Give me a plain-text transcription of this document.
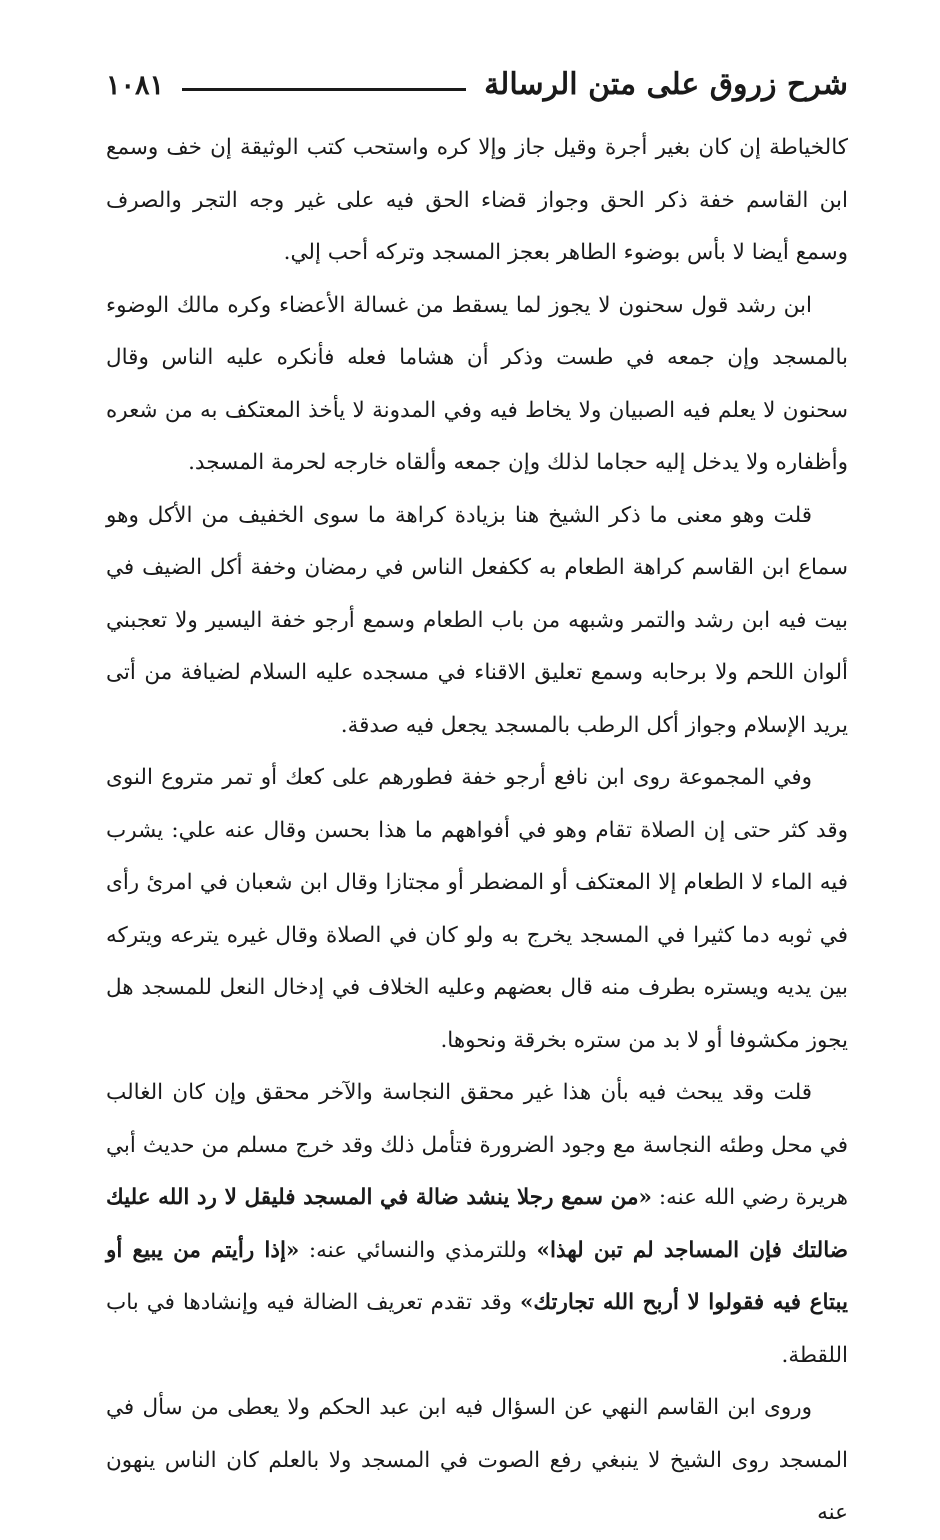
شرح زروق على متن الرسالة
١٠٨١

كالخياطة إن كان بغير أجرة وقيل جاز وإلا كره واستحب كتب الوثيقة إن خف وسمع ابن القاسم خفة ذكر الحق وجواز قضاء الحق فيه على غير وجه التجر والصرف وسمع أيضا لا بأس بوضوء الطاهر بعجز المسجد وتركه أحب إلي.

ابن رشد قول سحنون لا يجوز لما يسقط من غسالة الأعضاء وكره مالك الوضوء بالمسجد وإن جمعه في طست وذكر أن هشاما فعله فأنكره عليه الناس وقال سحنون لا يعلم فيه الصبيان ولا يخاط فيه وفي المدونة لا يأخذ المعتكف به من شعره وأظفاره ولا يدخل إليه حجاما لذلك وإن جمعه وألقاه خارجه لحرمة المسجد.

قلت وهو معنى ما ذكر الشيخ هنا بزيادة كراهة ما سوى الخفيف من الأكل وهو سماع ابن القاسم كراهة الطعام به ككفعل الناس في رمضان وخفة أكل الضيف في بيت فيه ابن رشد والتمر وشبهه من باب الطعام وسمع أرجو خفة اليسير ولا تعجبني ألوان اللحم ولا برحابه وسمع تعليق الاقناء في مسجده عليه السلام لضيافة من أتى يريد الإسلام وجواز أكل الرطب بالمسجد يجعل فيه صدقة.

وفي المجموعة روى ابن نافع أرجو خفة فطورهم على كعك أو تمر متروع النوى وقد كثر حتى إن الصلاة تقام وهو في أفواههم ما هذا بحسن وقال عنه علي: يشرب فيه الماء لا الطعام إلا المعتكف أو المضطر أو مجتازا وقال ابن شعبان في امرئ رأى في ثوبه دما كثيرا في المسجد يخرج به ولو كان في الصلاة وقال غيره يترعه ويتركه بين يديه ويستره بطرف منه قال بعضهم وعليه الخلاف في إدخال النعل للمسجد هل يجوز مكشوفا أو لا بد من ستره بخرقة ونحوها.

قلت وقد يبحث فيه بأن هذا غير محقق النجاسة والآخر محقق وإن كان الغالب في محل وطئه النجاسة مع وجود الضرورة فتأمل ذلك وقد خرج مسلم من حديث أبي هريرة رضي الله عنه: «من سمع رجلا ينشد ضالة في المسجد فليقل لا رد الله عليك ضالتك فإن المساجد لم تبن لهذا» وللترمذي والنسائي عنه: «إذا رأيتم من يبيع أو يبتاع فيه فقولوا لا أربح الله تجارتك» وقد تقدم تعريف الضالة فيه وإنشادها في باب اللقطة.

وروى ابن القاسم النهي عن السؤال فيه ابن عبد الحكم ولا يعطى من سأل في المسجد روى الشيخ لا ينبغي رفع الصوت في المسجد ولا بالعلم كان الناس ينهون عنه
